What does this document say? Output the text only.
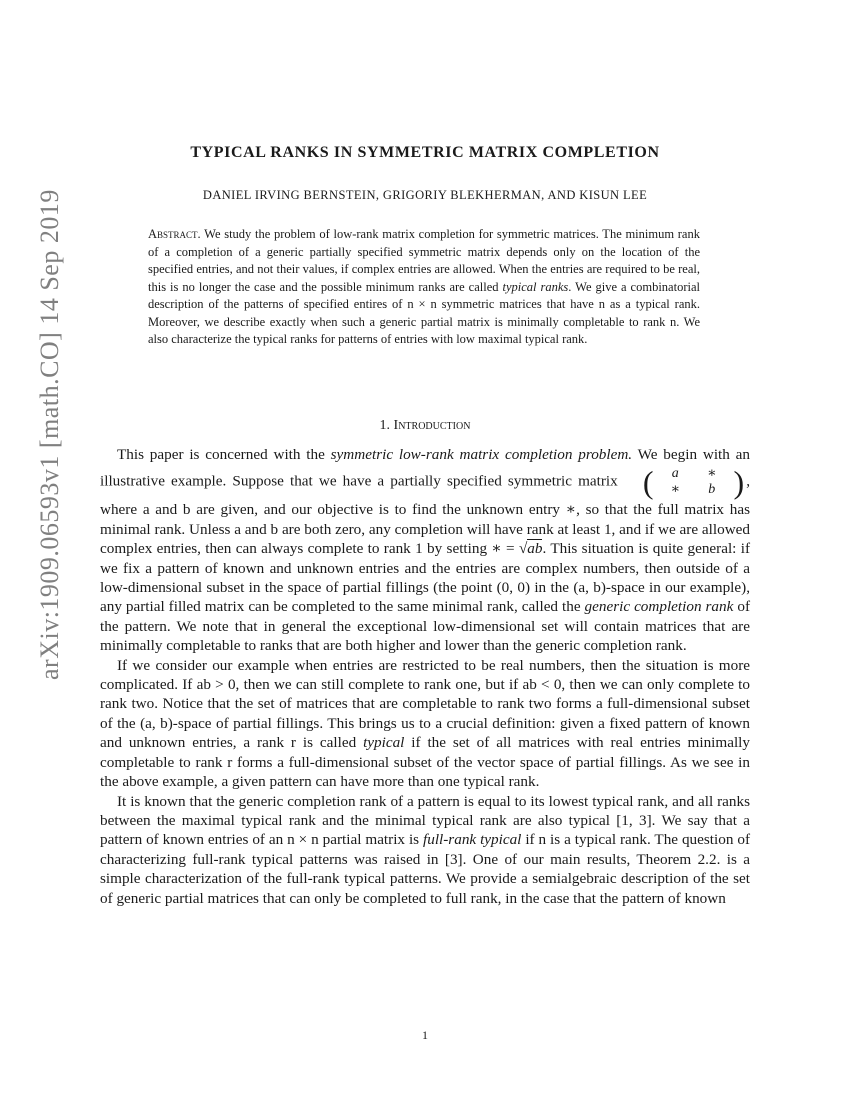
arXiv:1909.06593v1 [math.CO] 14 Sep 2019
TYPICAL RANKS IN SYMMETRIC MATRIX COMPLETION
DANIEL IRVING BERNSTEIN, GRIGORIY BLEKHERMAN, AND KISUN LEE
Abstract. We study the problem of low-rank matrix completion for symmetric matrices. The minimum rank of a completion of a generic partially specified symmetric matrix depends only on the location of the specified entries, and not their values, if complex entries are allowed. When the entries are required to be real, this is no longer the case and the possible minimum ranks are called typical ranks. We give a combinatorial description of the patterns of specified entires of n × n symmetric matrices that have n as a typical rank. Moreover, we describe exactly when such a generic partial matrix is minimally completable to rank n. We also characterize the typical ranks for patterns of entries with low maximal typical rank.
1. Introduction

This paper is concerned with the symmetric low-rank matrix completion problem. We begin with an illustrative example. Suppose that we have a partially specified symmetric matrix (	a	∗
∗	b ) , where a and b are given, and our objective is to find the unknown entry ∗, so that the full matrix has minimal rank. Unless a and b are both zero, any completion will have rank at least 1, and if we are allowed complex entries, then can always complete to rank 1 by setting ∗ = √ab. This situation is quite general: if we fix a pattern of known and unknown entries and the entries are complex numbers, then outside of a low-dimensional subset in the space of partial fillings (the point (0, 0) in the (a, b)-space in our example), any partial filled matrix can be completed to the same minimal rank, called the generic completion rank of the pattern. We note that in general the exceptional low-dimensional set will contain matrices that are minimally completable to ranks that are both higher and lower than the generic completion rank.

If we consider our example when entries are restricted to be real numbers, then the situation is more complicated. If ab > 0, then we can still complete to rank one, but if ab < 0, then we can only complete to rank two. Notice that the set of matrices that are completable to rank two forms a full-dimensional subset of the (a, b)-space of partial fillings. This brings us to a crucial definition: given a fixed pattern of known and unknown entries, a rank r is called typical if the set of all matrices with real entries minimally completable to rank r forms a full-dimensional subset of the vector space of partial fillings. As we see in the above example, a given pattern can have more than one typical rank.

It is known that the generic completion rank of a pattern is equal to its lowest typical rank, and all ranks between the maximal typical rank and the minimal typical rank are also typical [1, 3]. We say that a pattern of known entries of an n × n partial matrix is full-rank typical if n is a typical rank. The question of characterizing full-rank typical patterns was raised in [3]. One of our main results, Theorem 2.2. is a simple characterization of the full-rank typical patterns. We provide a semialgebraic description of the set of generic partial matrices that can only be completed to full rank, in the case that the pattern of known

1
